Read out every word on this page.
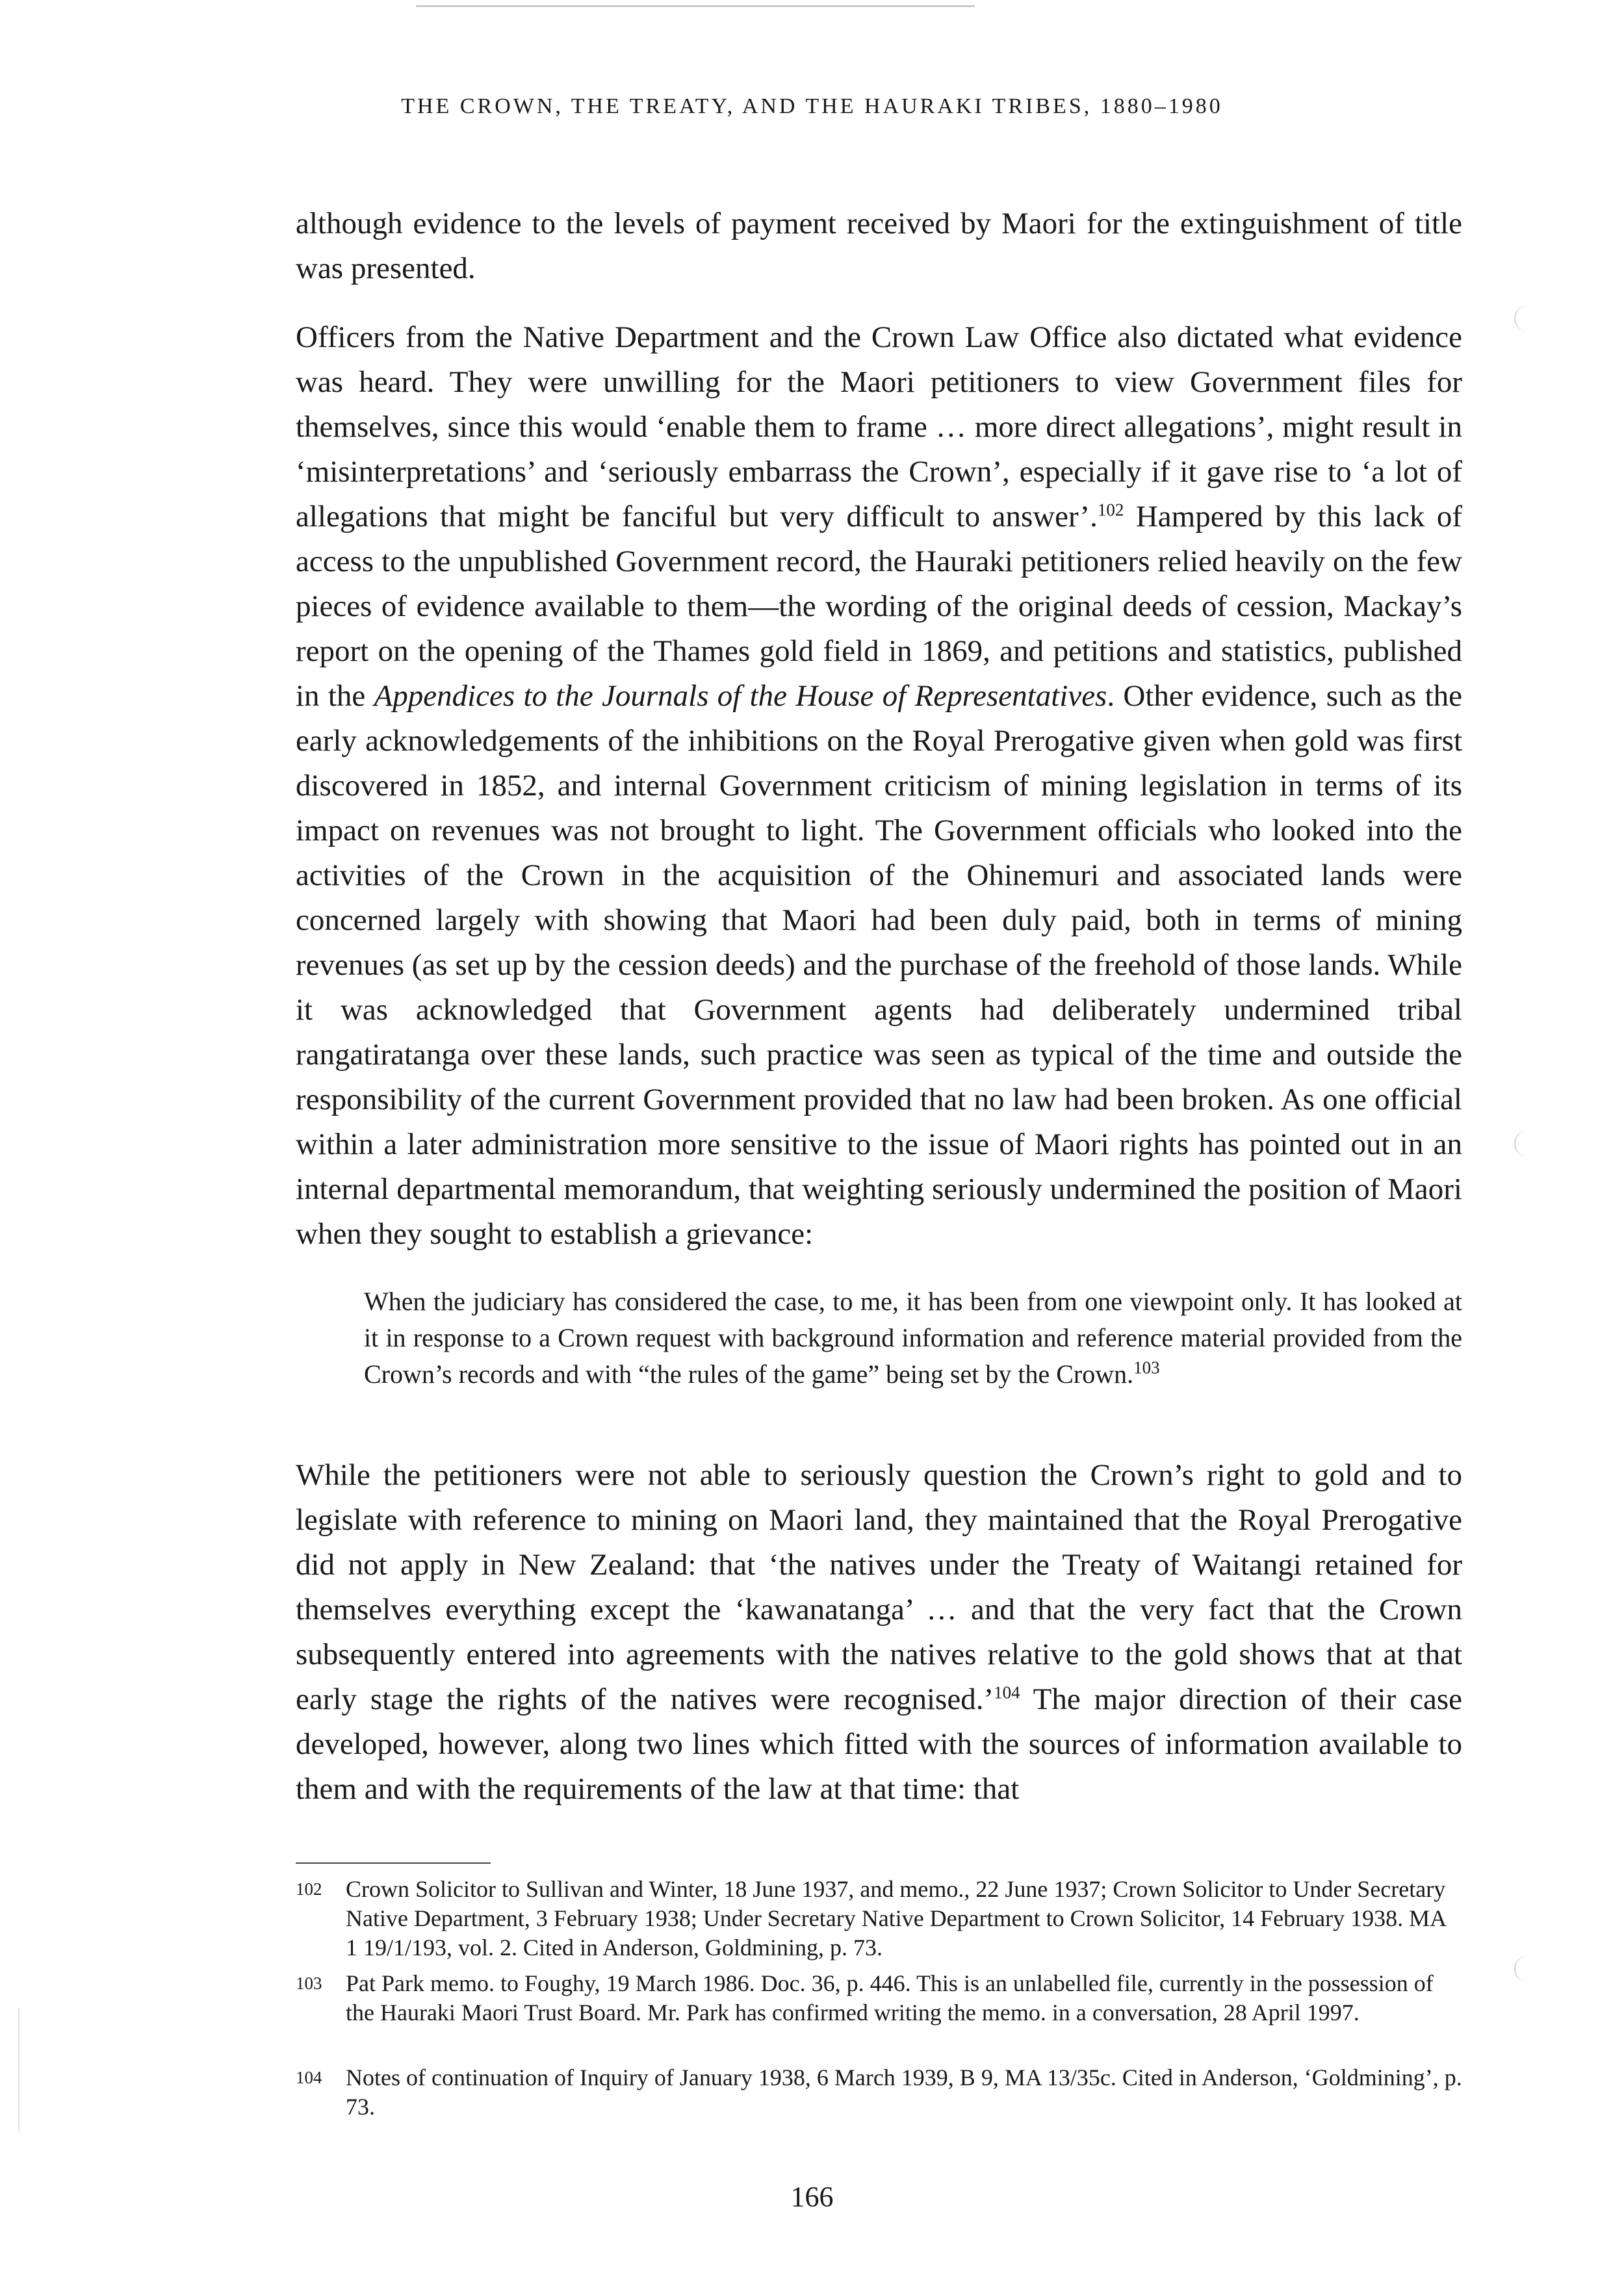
THE CROWN, THE TREATY, AND THE HAURAKI TRIBES, 1880–1980

although evidence to the levels of payment received by Maori for the extinguishment of title was presented.

Officers from the Native Department and the Crown Law Office also dictated what evidence was heard. They were unwilling for the Maori petitioners to view Government files for themselves, since this would ‘enable them to frame … more direct allegations’, might result in ‘misinterpretations’ and ‘seriously embarrass the Crown’, especially if it gave rise to ‘a lot of allegations that might be fanciful but very difficult to answer’.$^{102}$ Hampered by this lack of access to the unpublished Government record, the Hauraki petitioners relied heavily on the few pieces of evidence available to them—the wording of the original deeds of cession, Mackay’s report on the opening of the Thames gold field in 1869, and petitions and statistics, published in the Appendices to the Journals of the House of Representatives. Other evidence, such as the early acknowledgements of the inhibitions on the Royal Prerogative given when gold was first discovered in 1852, and internal Government criticism of mining legislation in terms of its impact on revenues was not brought to light. The Government officials who looked into the activities of the Crown in the acquisition of the Ohinemuri and associated lands were concerned largely with showing that Maori had been duly paid, both in terms of mining revenues (as set up by the cession deeds) and the purchase of the freehold of those lands. While it was acknowledged that Government agents had deliberately undermined tribal rangatiratanga over these lands, such practice was seen as typical of the time and outside the responsibility of the current Government provided that no law had been broken. As one official within a later administration more sensitive to the issue of Maori rights has pointed out in an internal departmental memorandum, that weighting seriously undermined the position of Maori when they sought to establish a grievance:

When the judiciary has considered the case, to me, it has been from one viewpoint only. It has looked at it in response to a Crown request with background information and reference material provided from the Crown’s records and with “the rules of the game” being set by the Crown.$^{103}$

While the petitioners were not able to seriously question the Crown’s right to gold and to legislate with reference to mining on Maori land, they maintained that the Royal Prerogative did not apply in New Zealand: that ‘the natives under the Treaty of Waitangi retained for themselves everything except the ‘kawanatanga’ … and that the very fact that the Crown subsequently entered into agreements with the natives relative to the gold shows that at that early stage the rights of the natives were recognised.’$^{104}$ The major direction of their case developed, however, along two lines which fitted with the sources of information available to them and with the requirements of the law at that time: that

102 Crown Solicitor to Sullivan and Winter, 18 June 1937, and memo., 22 June 1937; Crown Solicitor to Under Secretary Native Department, 3 February 1938; Under Secretary Native Department to Crown Solicitor, 14 February 1938. MA 1 19/1/193, vol. 2. Cited in Anderson, Goldmining, p. 73.
103 Pat Park memo. to Foughy, 19 March 1986. Doc. 36, p. 446. This is an unlabelled file, currently in the possession of the Hauraki Maori Trust Board. Mr. Park has confirmed writing the memo. in a conversation, 28 April 1997.
104 Notes of continuation of Inquiry of January 1938, 6 March 1939, B 9, MA 13/35c. Cited in Anderson, ‘Goldmining’, p. 73.
166
